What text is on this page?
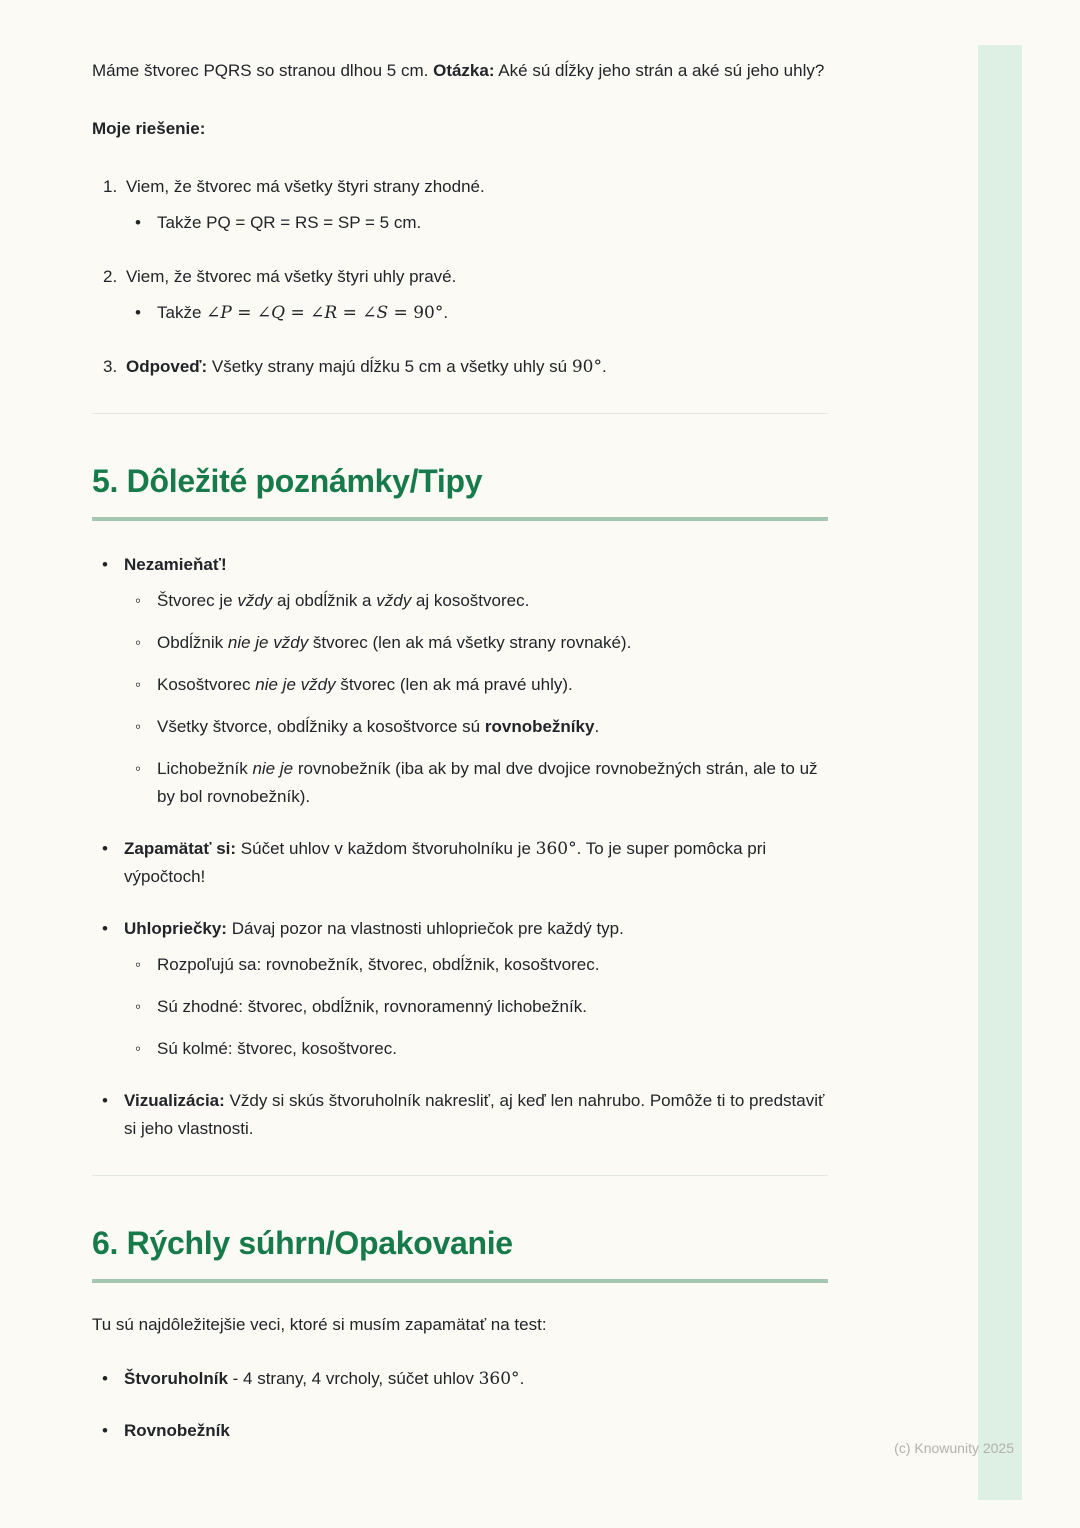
Máme štvorec PQRS so stranou dlhou 5 cm. Otázka: Aké sú dĺžky jeho strán a aké sú jeho uhly?

Moje riešenie:

1. Viem, že štvorec má všetky štyri strany zhodné.
• Takže PQ = QR = RS = SP = 5 cm.
2. Viem, že štvorec má všetky štyri uhly pravé.
• Takže ∠P = ∠Q = ∠R = ∠S = 90°.
3. Odpoveď: Všetky strany majú dĺžku 5 cm a všetky uhly sú 90°.
5. Dôležité poznámky/Tipy
• Nezamieňať!
◦ Štvorec je vždy aj obdĺžnik a vždy aj kosoštvorec.
◦ Obdĺžnik nie je vždy štvorec (len ak má všetky strany rovnaké).
◦ Kosoštvorec nie je vždy štvorec (len ak má pravé uhly).
◦ Všetky štvorce, obdĺžniky a kosoštvorce sú rovnobežníky.
◦ Lichobežník nie je rovnobežník (iba ak by mal dve dvojice rovnobežných strán, ale to už by bol rovnobežník).
• Zapamätať si: Súčet uhlov v každom štvoruholníku je 360°. To je super pomôcka pri výpočtoch!
• Uhlopriečky: Dávaj pozor na vlastnosti uhlopriečok pre každý typ.
◦ Rozpoľujú sa: rovnobežník, štvorec, obdĺžnik, kosoštvorec.
◦ Sú zhodné: štvorec, obdĺžnik, rovnoramenný lichobežník.
◦ Sú kolmé: štvorec, kosoštvorec.
• Vizualizácia: Vždy si skús štvoruholník nakresliť, aj keď len nahrubo. Pomôže ti to predstaviť si jeho vlastnosti.
6. Rýchly súhrn/Opakovanie

Tu sú najdôležitejšie veci, ktoré si musím zapamätať na test:

• Štvoruholník - 4 strany, 4 vrcholy, súčet uhlov 360°.
• Rovnobežník
(c) Knowunity 2025
